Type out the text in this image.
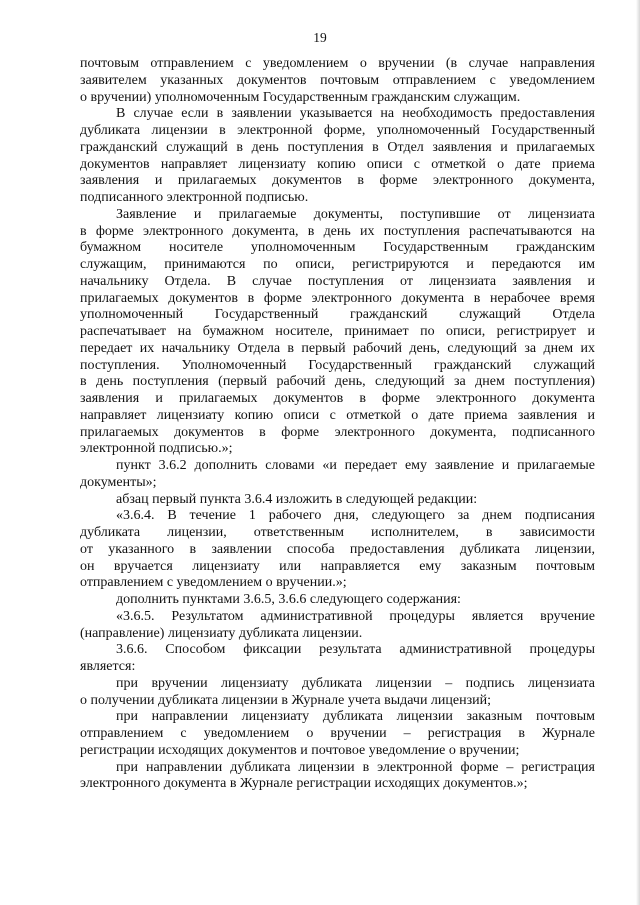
19
почтовым отправлением с уведомлением о вручении (в случае направления
заявителем указанных документов почтовым отправлением с уведомлением
о вручении) уполномоченным Государственным гражданским служащим.
В случае если в заявлении указывается на необходимость предоставления
дубликата лицензии в электронной форме, уполномоченный Государственный
гражданский служащий в день поступления в Отдел заявления и прилагаемых
документов направляет лицензиату копию описи с отметкой о дате приема
заявления и прилагаемых документов в форме электронного документа,
подписанного электронной подписью.
Заявление и прилагаемые документы, поступившие от лицензиата
в форме электронного документа, в день их поступления распечатываются на
бумажном носителе уполномоченным Государственным гражданским
служащим, принимаются по описи, регистрируются и передаются им
начальнику Отдела. В случае поступления от лицензиата заявления и
прилагаемых документов в форме электронного документа в нерабочее время
уполномоченный Государственный гражданский служащий Отдела
распечатывает на бумажном носителе, принимает по описи, регистрирует и
передает их начальнику Отдела в первый рабочий день, следующий за днем их
поступления. Уполномоченный Государственный гражданский служащий
в день поступления (первый рабочий день, следующий за днем поступления)
заявления и прилагаемых документов в форме электронного документа
направляет лицензиату копию описи с отметкой о дате приема заявления и
прилагаемых документов в форме электронного документа, подписанного
электронной подписью.»;
пункт 3.6.2 дополнить словами «и передает ему заявление и прилагаемые
документы»;
абзац первый пункта 3.6.4 изложить в следующей редакции:
«3.6.4. В течение 1 рабочего дня, следующего за днем подписания
дубликата лицензии, ответственным исполнителем, в зависимости
от указанного в заявлении способа предоставления дубликата лицензии,
он вручается лицензиату или направляется ему заказным почтовым
отправлением с уведомлением о вручении.»;
дополнить пунктами 3.6.5, 3.6.6 следующего содержания:
«3.6.5. Результатом административной процедуры является вручение
(направление) лицензиату дубликата лицензии.
3.6.6. Способом фиксации результата административной процедуры
является:
при вручении лицензиату дубликата лицензии – подпись лицензиата
о получении дубликата лицензии в Журнале учета выдачи лицензий;
при направлении лицензиату дубликата лицензии заказным почтовым
отправлением с уведомлением о вручении – регистрация в Журнале
регистрации исходящих документов и почтовое уведомление о вручении;
при направлении дубликата лицензии в электронной форме – регистрация
электронного документа в Журнале регистрации исходящих документов.»;
